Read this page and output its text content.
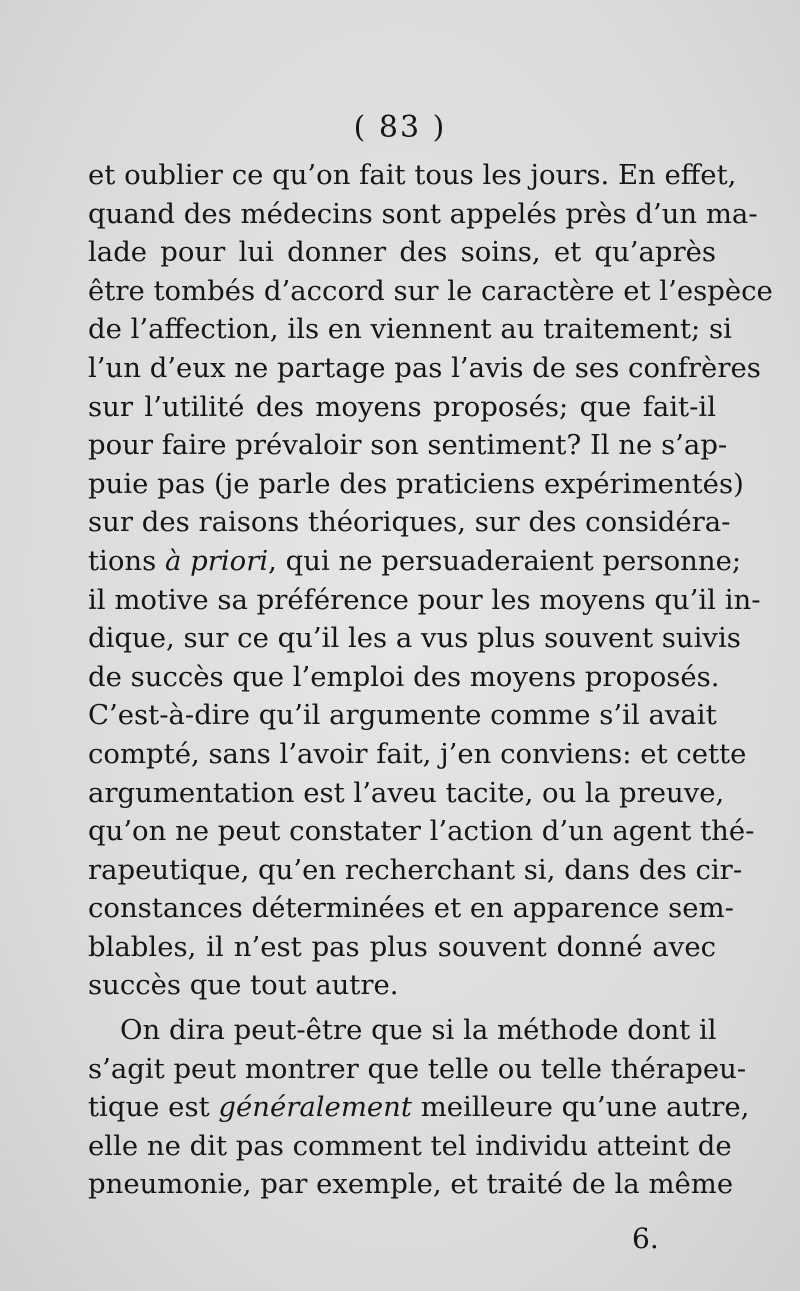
( 83 )
et oublier ce qu’on fait tous les jours. En effet,
quand des médecins sont appelés près d’un ma-
lade pour lui donner des soins, et qu’après
être tombés d’accord sur le caractère et l’espèce
de l’affection, ils en viennent au traitement; si
l’un d’eux ne partage pas l’avis de ses confrères
sur l’utilité des moyens proposés; que fait-il
pour faire prévaloir son sentiment? Il ne s’ap-
puie pas (je parle des praticiens expérimentés)
sur des raisons théoriques, sur des considéra-
tions à priori, qui ne persuaderaient personne;
il motive sa préférence pour les moyens qu’il in-
dique, sur ce qu’il les a vus plus souvent suivis
de succès que l’emploi des moyens proposés.
C’est-à-dire qu’il argumente comme s’il avait
compté, sans l’avoir fait, j’en conviens: et cette
argumentation est l’aveu tacite, ou la preuve,
qu’on ne peut constater l’action d’un agent thé-
rapeutique, qu’en recherchant si, dans des cir-
constances déterminées et en apparence sem-
blables, il n’est pas plus souvent donné avec
succès que tout autre.
On dira peut-être que si la méthode dont il
s’agit peut montrer que telle ou telle thérapeu-
tique est généralement meilleure qu’une autre,
elle ne dit pas comment tel individu atteint de
pneumonie, par exemple, et traité de la même
6.
